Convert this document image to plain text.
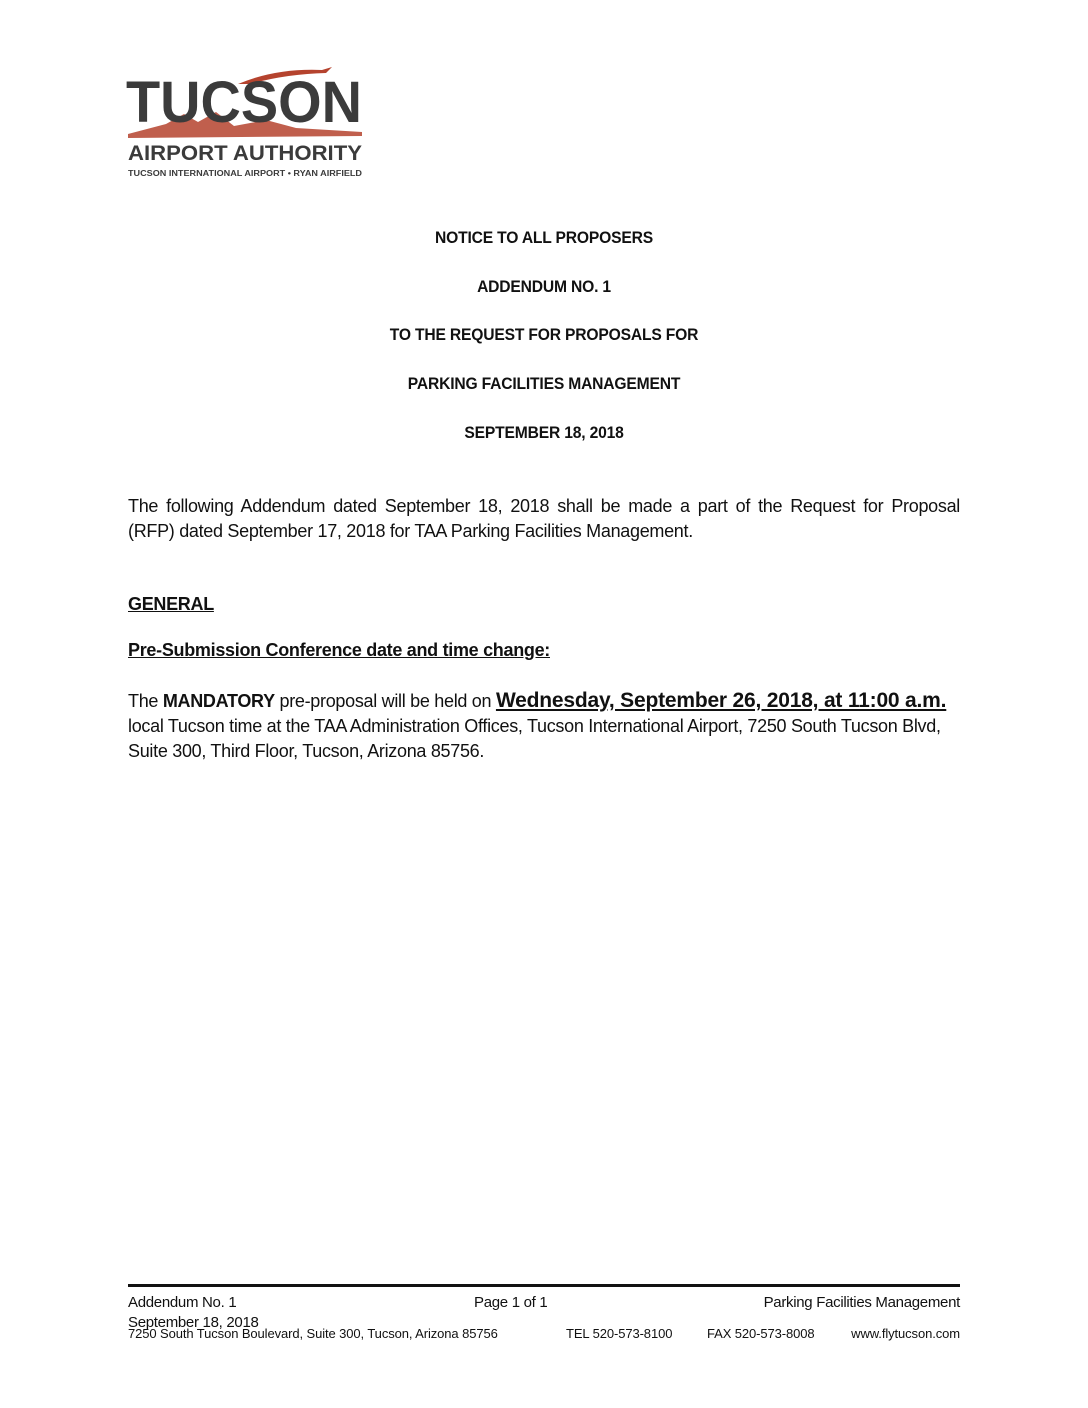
TUCSON
AIRPORT AUTHORITY
TUCSON INTERNATIONAL AIRPORT • RYAN AIRFIELD
NOTICE TO ALL PROPOSERS
ADDENDUM NO. 1
TO THE REQUEST FOR PROPOSALS FOR
PARKING FACILITIES MANAGEMENT
SEPTEMBER 18, 2018
The following Addendum dated September 18, 2018 shall be made a part of the Request for Proposal
(RFP) dated September 17, 2018 for TAA Parking Facilities Management.
GENERAL
Pre-Submission Conference date and time change:
The MANDATORY pre-proposal will be held on Wednesday, September 26, 2018, at 11:00 a.m.
local Tucson time at the TAA Administration Offices, Tucson International Airport, 7250 South Tucson Blvd,
Suite 300, Third Floor, Tucson, Arizona 85756.
Addendum No. 1
September 18, 2018
Page 1 of 1	Parking Facilities Management
7250 South Tucson Boulevard, Suite 300, Tucson, Arizona 85756	TEL 520-573-8100	FAX 520-573-8008	www.flytucson.com
